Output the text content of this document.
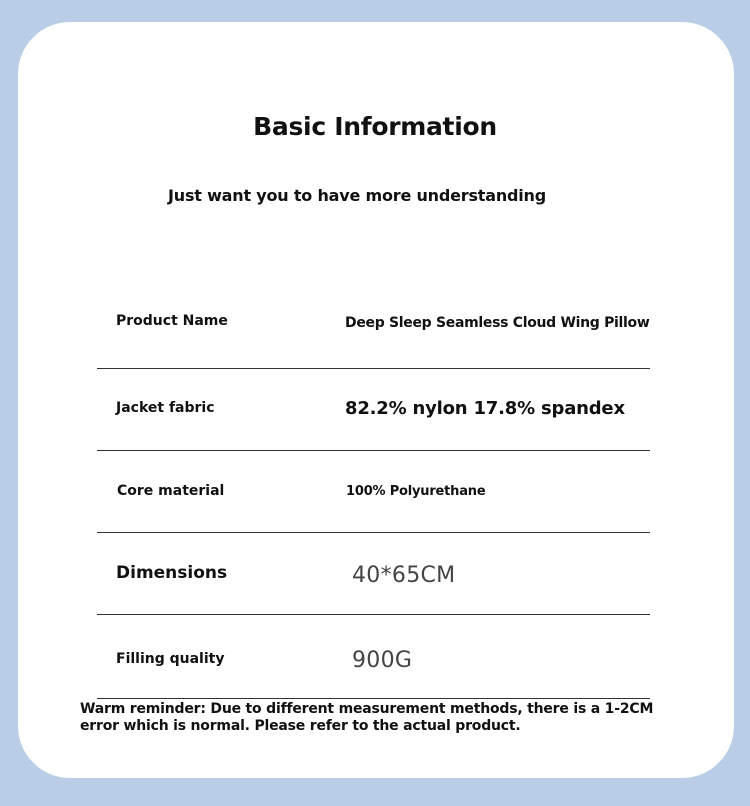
Basic Information
Just want you to have more understanding
Product Name	Deep Sleep Seamless Cloud Wing Pillow
Jacket fabric	82.2% nylon 17.8% spandex
Core material	100% Polyurethane
Dimensions	40*65CM
Filling quality	900G
Warm reminder: Due to different measurement methods, there is a 1-2CM error which is normal. Please refer to the actual product.
